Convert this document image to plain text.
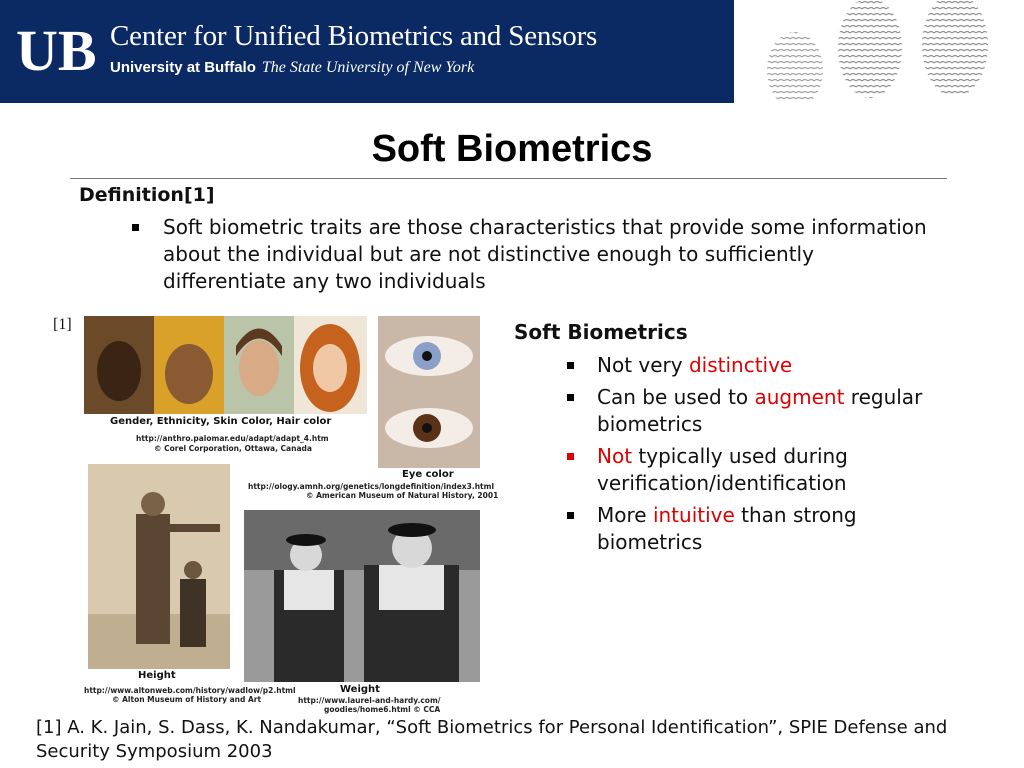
UB Center for Unified Biometrics and Sensors
University at Buffalo The State University of New York
Soft Biometrics
Definition[1]
Soft biometric traits are those characteristics that provide some information about the individual but are not distinctive enough to sufficiently differentiate any two individuals
[1]
Gender, Ethnicity, Skin Color, Hair color
http://anthro.palomar.edu/adapt/adapt_4.htm
© Corel Corporation, Ottawa, Canada
Eye color
http://ology.amnh.org/genetics/longdefinition/index3.html
© American Museum of Natural History, 2001
Height
http://www.altonweb.com/history/wadlow/p2.html
© Alton Museum of History and Art
Weight
http://www.laurel-and-hardy.com/
goodies/home6.html © CCA
Soft Biometrics
Not very distinctive
Can be used to augment regular biometrics
Not typically used during verification/identification
More intuitive than strong biometrics
[1] A. K. Jain, S. Dass, K. Nandakumar, “Soft Biometrics for Personal Identification”, SPIE Defense and Security Symposium 2003
